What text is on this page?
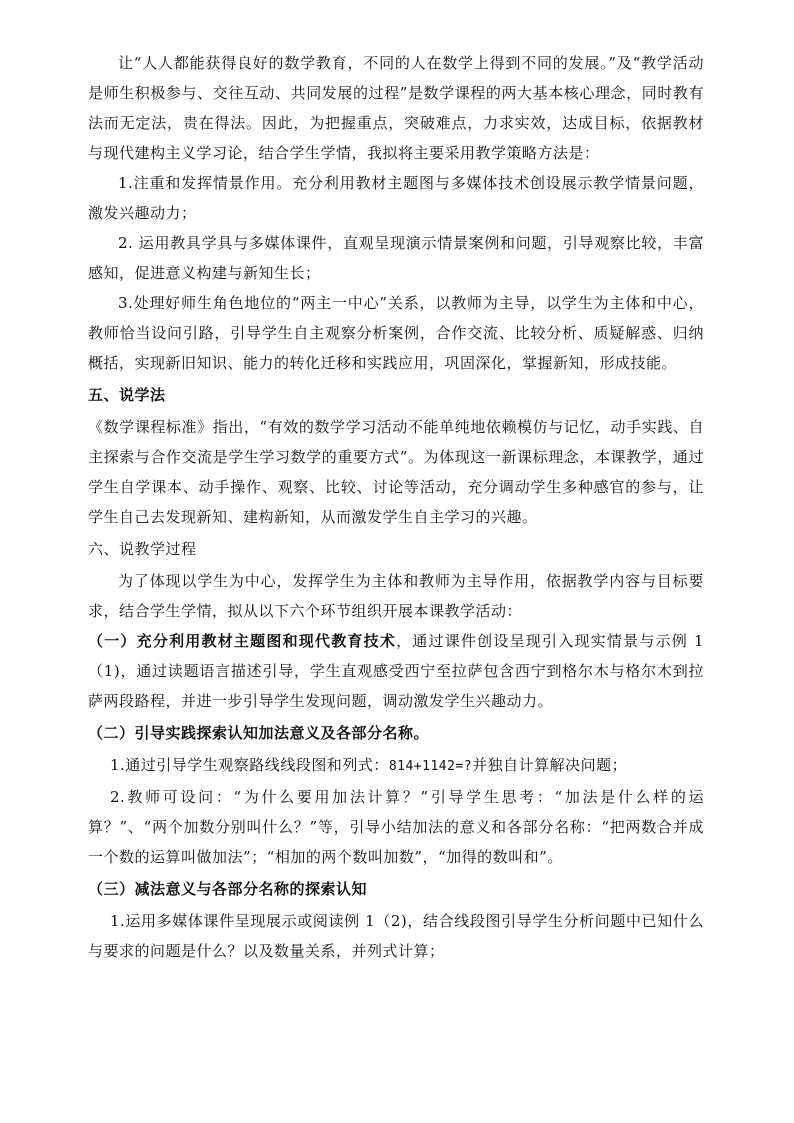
让“人人都能获得良好的数学教育，不同的人在数学上得到不同的发展。”及“教学活动是师生积极参与、交往互动、共同发展的过程”是数学课程的两大基本核心理念，同时教有法而无定法，贵在得法。因此，为把握重点，突破难点，力求实效，达成目标，依据教材与现代建构主义学习论，结合学生学情，我拟将主要采用教学策略方法是：

1.注重和发挥情景作用。充分利用教材主题图与多媒体技术创设展示教学情景问题，激发兴趣动力；

2. 运用教具学具与多媒体课件，直观呈现演示情景案例和问题，引导观察比较，丰富感知，促进意义构建与新知生长；

3.处理好师生角色地位的“两主一中心”关系，以教师为主导，以学生为主体和中心，教师恰当设问引路，引导学生自主观察分析案例，合作交流、比较分析、质疑解惑、归纳概括，实现新旧知识、能力的转化迁移和实践应用，巩固深化，掌握新知，形成技能。

五、说学法

《数学课程标准》指出，“有效的数学学习活动不能单纯地依赖模仿与记忆，动手实践、自主探索与合作交流是学生学习数学的重要方式”。为体现这一新课标理念，本课教学，通过学生自学课本、动手操作、观察、比较、讨论等活动，充分调动学生多种感官的参与，让学生自己去发现新知、建构新知，从而激发学生自主学习的兴趣。

六、说教学过程

为了体现以学生为中心，发挥学生为主体和教师为主导作用，依据教学内容与目标要求，结合学生学情，拟从以下六个环节组织开展本课教学活动：

（一）充分利用教材主题图和现代教育技术，通过课件创设呈现引入现实情景与示例 1（1)，通过读题语言描述引导，学生直观感受西宁至拉萨包含西宁到格尔木与格尔木到拉萨两段路程，并进一步引导学生发现问题，调动激发学生兴趣动力。

（二）引导实践探索认知加法意义及各部分名称。

1.通过引导学生观察路线线段图和列式：814+1142=?并独自计算解决问题；

2.教师可设问：“为什么要用加法计算？”引导学生思考：“加法是什么样的运算？”、“两个加数分别叫什么？”等，引导小结加法的意义和各部分名称：“把两数合并成一个数的运算叫做加法”；“相加的两个数叫加数”，“加得的数叫和”。

（三）减法意义与各部分名称的探索认知

1.运用多媒体课件呈现展示或阅读例 1（2)，结合线段图引导学生分析问题中已知什么与要求的问题是什么？以及数量关系，并列式计算；
